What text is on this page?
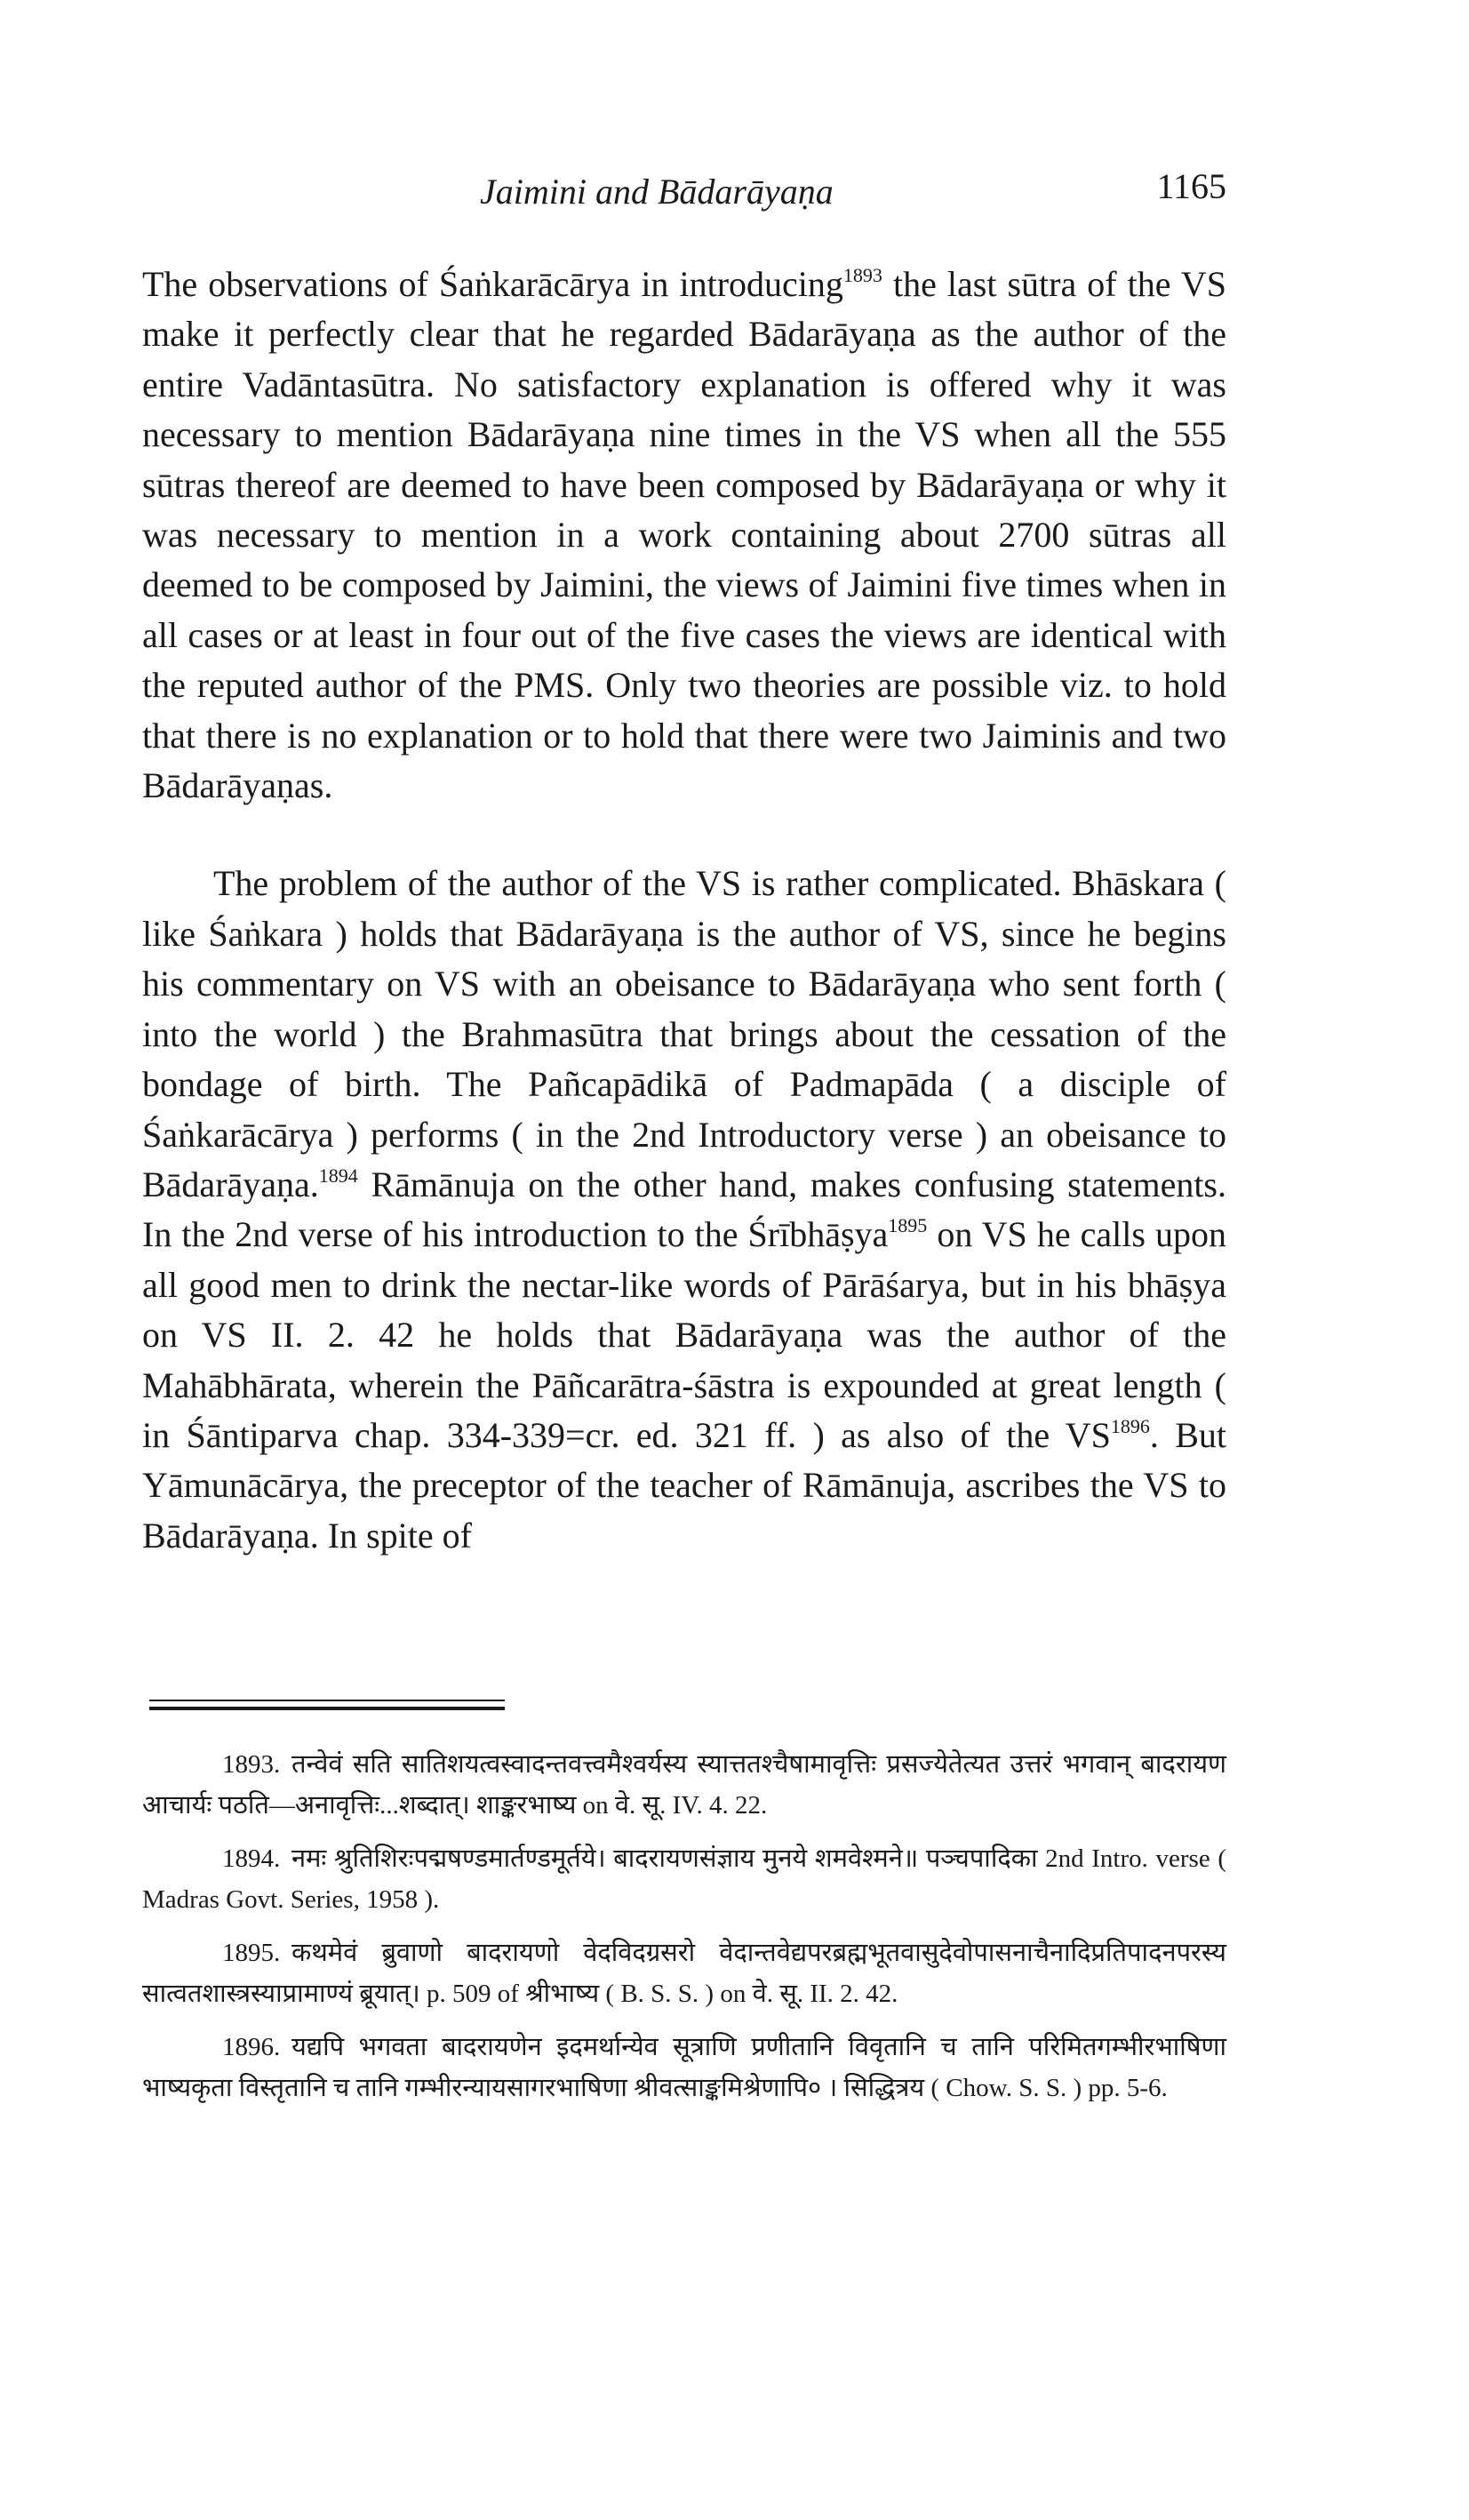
Jaimini and Bādarāyaṇa	1165

The observations of Śaṅkarācārya in introducing$^{1893}$ the last sūtra of the VS make it perfectly clear that he regarded Bādarāyaṇa as the author of the entire Vadāntasūtra. No satisfactory explanation is offered why it was necessary to mention Bādarāyaṇa nine times in the VS when all the 555 sūtras thereof are deemed to have been composed by Bādarāyaṇa or why it was necessary to mention in a work containing about 2700 sūtras all deemed to be composed by Jaimini, the views of Jaimini five times when in all cases or at least in four out of the five cases the views are identical with the reputed author of the PMS. Only two theories are possible viz. to hold that there is no explanation or to hold that there were two Jaiminis and two Bādarāyaṇas.

The problem of the author of the VS is rather complicated. Bhāskara ( like Śaṅkara ) holds that Bādarāyaṇa is the author of VS, since he begins his commentary on VS with an obeisance to Bādarāyaṇa who sent forth ( into the world ) the Brahmasūtra that brings about the cessation of the bondage of birth. The Pañcapādikā of Padmapāda ( a disciple of Śaṅkarācārya ) performs ( in the 2nd Introductory verse ) an obeisance to Bādarāyaṇa.$^{1894}$ Rāmānuja on the other hand, makes confusing statements. In the 2nd verse of his introduction to the Śrībhāṣya$^{1895}$ on VS he calls upon all good men to drink the nectar-like words of Pārāśarya, but in his bhāṣya on VS II. 2. 42 he holds that Bādarāyaṇa was the author of the Mahābhārata, wherein the Pāñcarātra-śāstra is expounded at great length ( in Śāntiparva chap. 334-339=cr. ed. 321 ff. ) as also of the $VS^{1896}$. But Yāmunācārya, the preceptor of the teacher of Rāmānuja, ascribes the VS to Bādarāyaṇa. In spite of

1893. तन्वेवं सति सातिशयत्वस्वादन्तवत्त्वमैश्वर्यस्य स्यात्ततश्चैषामावृत्तिः प्रसज्येतेत्यत उत्तरं भगवान् बादरायण आचार्यः पठति—अनावृत्तिः...शब्दात्। शाङ्करभाष्य on वे. सू. IV. 4. 22.

1894. नमः श्रुतिशिरःपद्मषण्डमार्तण्डमूर्तये। बादरायणसंज्ञाय मुनये शमवेश्मने॥ पञ्चपादिका 2nd Intro. verse ( Madras Govt. Series, 1958 ).

1895. कथमेवं ब्रुवाणो बादरायणो वेदविदग्रसरो वेदान्तवेद्यपरब्रह्मभूतवासुदेवोपासनाचैनादिप्रतिपादनपरस्य सात्वतशास्त्रस्याप्रामाण्यं ब्रूयात्। p. 509 of श्रीभाष्य ( B. S. S. ) on वे. सू. II. 2. 42.

1896. यद्यपि भगवता बादरायणेन इदमर्थान्येव सूत्राणि प्रणीतानि विवृतानि च तानि परिमितगम्भीरभाषिणा भाष्यकृता विस्तृतानि च तानि गम्भीरन्यायसागरभाषिणा श्रीवत्साङ्कमिश्रेणापि० । सिद्धित्रय ( Chow. S. S. ) pp. 5-6.
